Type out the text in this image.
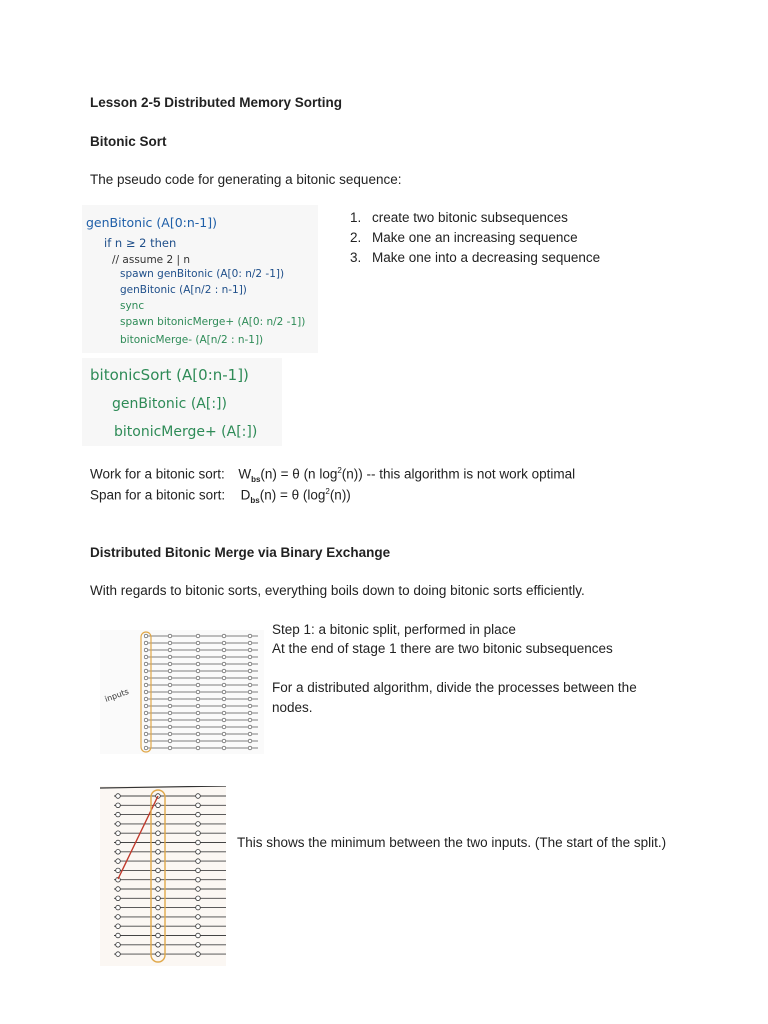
Lesson 2-5 Distributed Memory Sorting
Bitonic Sort
The pseudo code for generating a bitonic sequence:
genBitonic (A[0:n-1])
if n ≥ 2 then
// assume 2 | n
spawn genBitonic (A[0: n/2 -1])
genBitonic (A[n/2 : n-1])
sync
spawn bitonicMerge+ (A[0: n/2 -1])
bitonicMerge- (A[n/2 : n-1])
bitonicSort (A[0:n-1])
genBitonic (A[:])
bitonicMerge+ (A[:])
1. create two bitonic subsequences
2. Make one an increasing sequence
3. Make one into a decreasing sequence
Work for a bitonic sort: $W_{bs}(n) = \theta$ (n $\log^2(n)$) -- this algorithm is not work optimal
Span for a bitonic sort: $D_{bs}(n) = \theta$ $(\log^2(n))$
Distributed Bitonic Merge via Binary Exchange
With regards to bitonic sorts, everything boils down to doing bitonic sorts efficiently.
inputs
Step 1: a bitonic split, performed in place
At the end of stage 1 there are two bitonic subsequences
For a distributed algorithm, divide the processes between the
nodes.
This shows the minimum between the two inputs. (The start of the split.)
